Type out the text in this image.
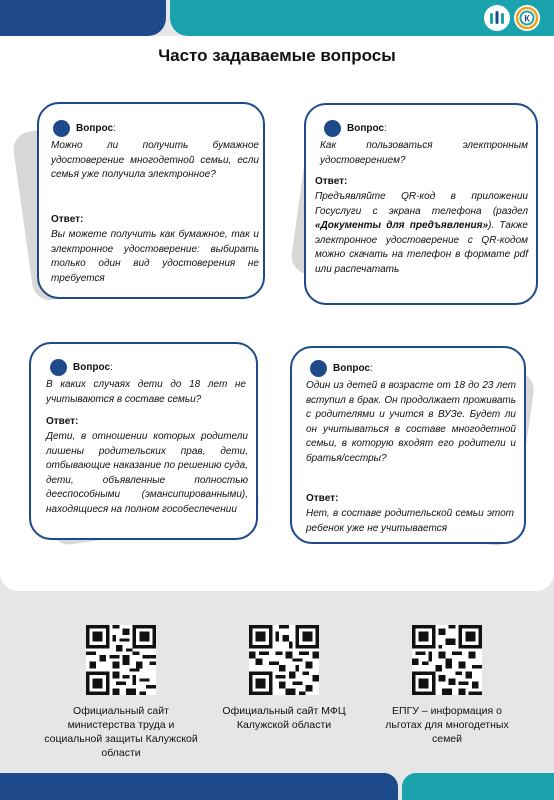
К
Часто задаваемые вопросы
Вопрос :
Можно ли получить бумажное удостоверение многодетной семьи, если семья уже получила электронное?
Ответ:
Вы можете получить как бумажное, так и электронное удостоверение: выбирать только один вид удостоверения не требуется
Вопрос :
Как пользоваться электронным удостоверением?
Ответ:
Предъявляйте QR-код в приложении Госуслуги с экрана телефона (раздел «Документы для предъявления»). Также электронное удостоверение с QR-кодом можно скачать на телефон в формате pdf или распечатать
Вопрос :
В каких случаях дети до 18 лет не учитываются в составе семьи?
Ответ:
Дети, в отношении которых родители лишены родительских прав, дети, отбывающие наказание по решению суда, дети, объявленные полностью дееспособными (эмансипированными), находящиеся на полном гособеспечении
Вопрос :
Один из детей в возрасте от 18 до 23 лет вступил в брак. Он продолжает проживать с родителями и учится в ВУЗе. Будет ли он учитываться в составе многодетной семьи, в которую входят его родители и братья/сестры?
Ответ:
Нет, в составе родительской семьи этот ребенок уже не учитывается
Официальный сайт министерства труда и социальной защиты Калужской области
Официальный сайт МФЦ Калужской области
ЕПГУ – информация о льготах для многодетных семей
